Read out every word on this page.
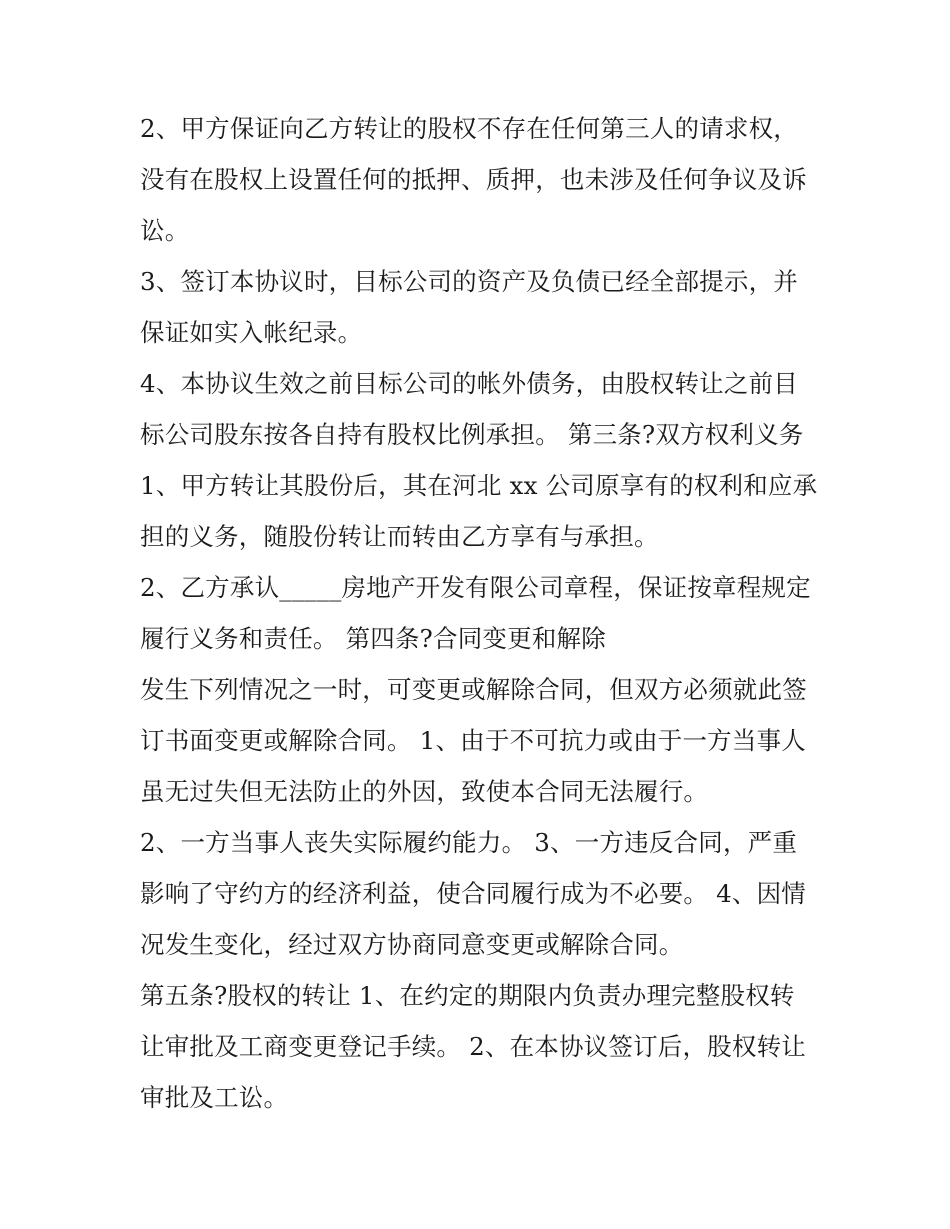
2、甲方保证向乙方转让的股权不存在任何第三人的请求权，
没有在股权上设置任何的抵押、质押，也未涉及任何争议及诉
讼。
3、签订本协议时，目标公司的资产及负债已经全部提示，并
保证如实入帐纪录。
4、本协议生效之前目标公司的帐外债务，由股权转让之前目
标公司股东按各自持有股权比例承担。 第三条?双方权利义务
1、甲方转让其股份后，其在河北 xx 公司原享有的权利和应承
担的义务，随股份转让而转由乙方享有与承担。
2、乙方承认_____房地产开发有限公司章程，保证按章程规定
履行义务和责任。 第四条?合同变更和解除
发生下列情况之一时，可变更或解除合同，但双方必须就此签
订书面变更或解除合同。 1、由于不可抗力或由于一方当事人
虽无过失但无法防止的外因，致使本合同无法履行。
2、一方当事人丧失实际履约能力。 3、一方违反合同，严重
影响了守约方的经济利益，使合同履行成为不必要。 4、因情
况发生变化，经过双方协商同意变更或解除合同。
第五条?股权的转让 1、在约定的期限内负责办理完整股权转
让审批及工商变更登记手续。 2、在本协议签订后，股权转让
审批及工讼。
